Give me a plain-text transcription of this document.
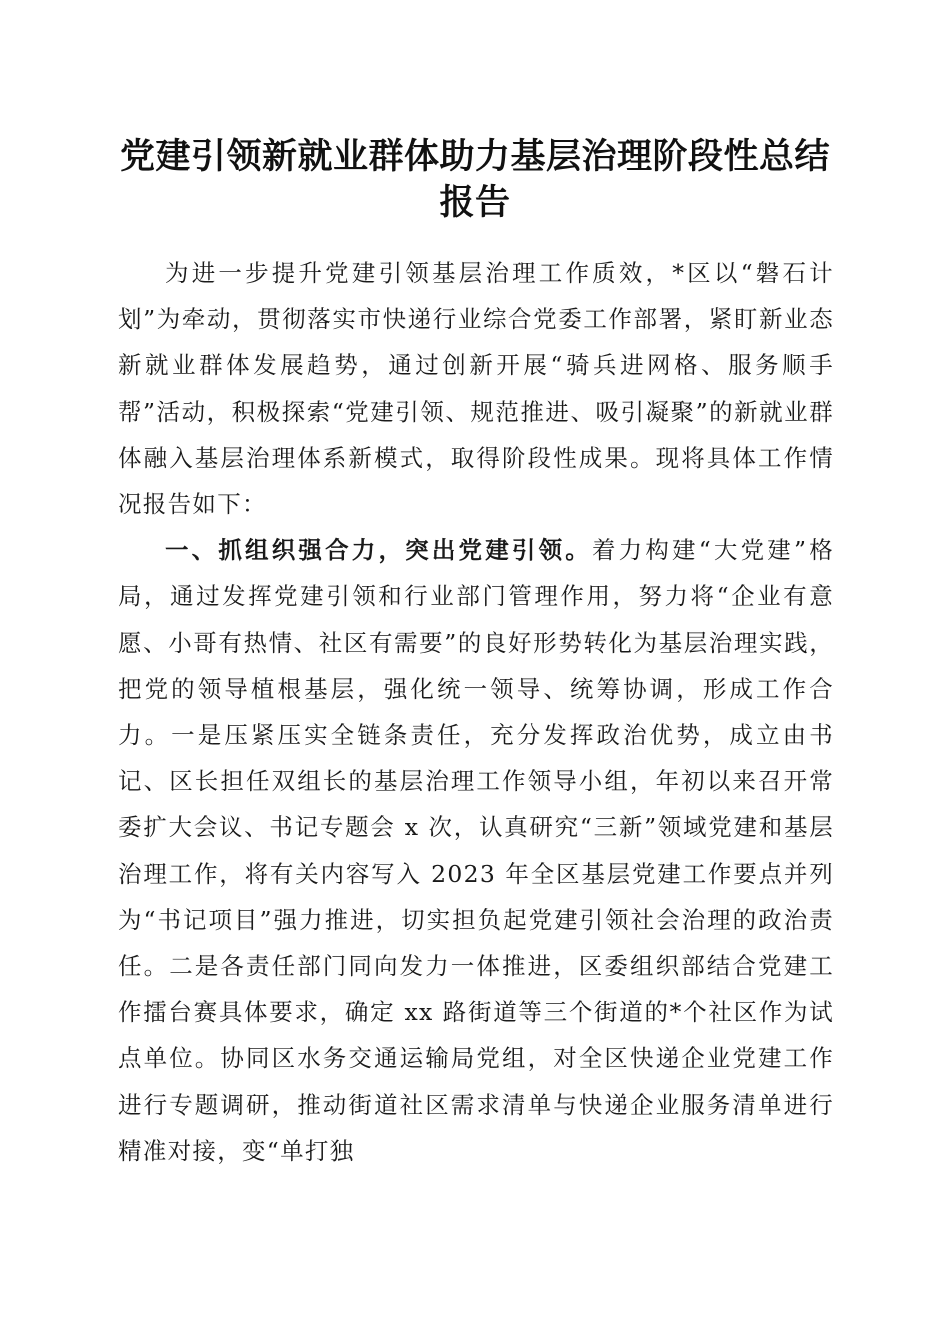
党建引领新就业群体助力基层治理阶段性总结
报告

为进一步提升党建引领基层治理工作质效，*区以“磐石计划”为牵动，贯彻落实市快递行业综合党委工作部署，紧盯新业态新就业群体发展趋势，通过创新开展“骑兵进网格、服务顺手帮”活动，积极探索“党建引领、规范推进、吸引凝聚”的新就业群体融入基层治理体系新模式，取得阶段性成果。现将具体工作情况报告如下：

一、抓组织强合力，突出党建引领。着力构建“大党建”格局，通过发挥党建引领和行业部门管理作用，努力将“企业有意愿、小哥有热情、社区有需要”的良好形势转化为基层治理实践，把党的领导植根基层，强化统一领导、统筹协调，形成工作合力。一是压紧压实全链条责任，充分发挥政治优势，成立由书记、区长担任双组长的基层治理工作领导小组，年初以来召开常委扩大会议、书记专题会 x 次，认真研究“三新”领域党建和基层治理工作，将有关内容写入 2023 年全区基层党建工作要点并列为“书记项目”强力推进，切实担负起党建引领社会治理的政治责任。二是各责任部门同向发力一体推进，区委组织部结合党建工作擂台赛具体要求，确定 xx 路街道等三个街道的*个社区作为试点单位。协同区水务交通运输局党组，对全区快递企业党建工作进行专题调研，推动街道社区需求清单与快递企业服务清单进行精准对接，变“单打独
